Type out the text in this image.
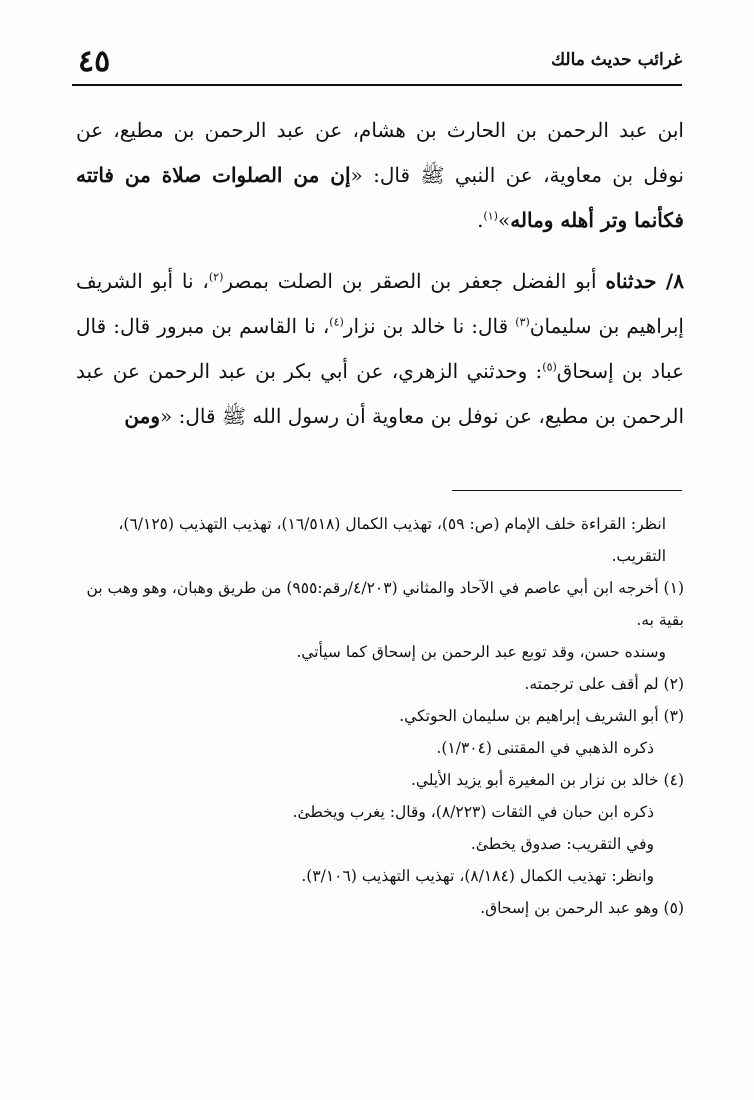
غرائب حديث مالك
٤٥

ابن عبد الرحمن بن الحارث بن هشام، عن عبد الرحمن بن مطيع، عن نوفل بن معاوية، عن النبي ﷺ قال: «إن من الصلوات صلاة من فاتته فكأنما وتر أهله وماله»$^{(١)}$.

٨/ حدثناه أبو الفضل جعفر بن الصقر بن الصلت بمصر$^{(٢)}$، نا أبو الشريف إبراهيم بن سليمان$^{(٣)}$ قال: نا خالد بن نزار$^{(٤)}$، نا القاسم بن مبرور قال: قال عباد بن إسحاق$^{(٥)}$: وحدثني الزهري، عن أبي بكر بن عبد الرحمن عن عبد الرحمن بن مطيع، عن نوفل بن معاوية أن رسول الله ﷺ قال: «ومن

انظر: القراءة خلف الإمام (ص: ٥٩)، تهذيب الكمال (١٦/٥١٨)، تهذيب التهذيب (٦/١٢٥)، التقريب.

(١) أخرجه ابن أبي عاصم في الآحاد والمثاني (٤/٢٠٣/رقم:٩٥٥) من طريق وهبان، وهو وهب بن بقية به.

وسنده حسن، وقد توبع عبد الرحمن بن إسحاق كما سيأتي.

(٢) لم أقف على ترجمته.

(٣) أبو الشريف إبراهيم بن سليمان الحوتكي.

ذكره الذهبي في المقتنى (١/٣٠٤).

(٤) خالد بن نزار بن المغيرة أبو يزيد الأيلي.

ذكره ابن حبان في الثقات (٨/٢٢٣)، وقال: يغرب ويخطئ.

وفي التقريب: صدوق يخطئ.

وانظر: تهذيب الكمال (٨/١٨٤)، تهذيب التهذيب (٣/١٠٦).

(٥) وهو عبد الرحمن بن إسحاق.
